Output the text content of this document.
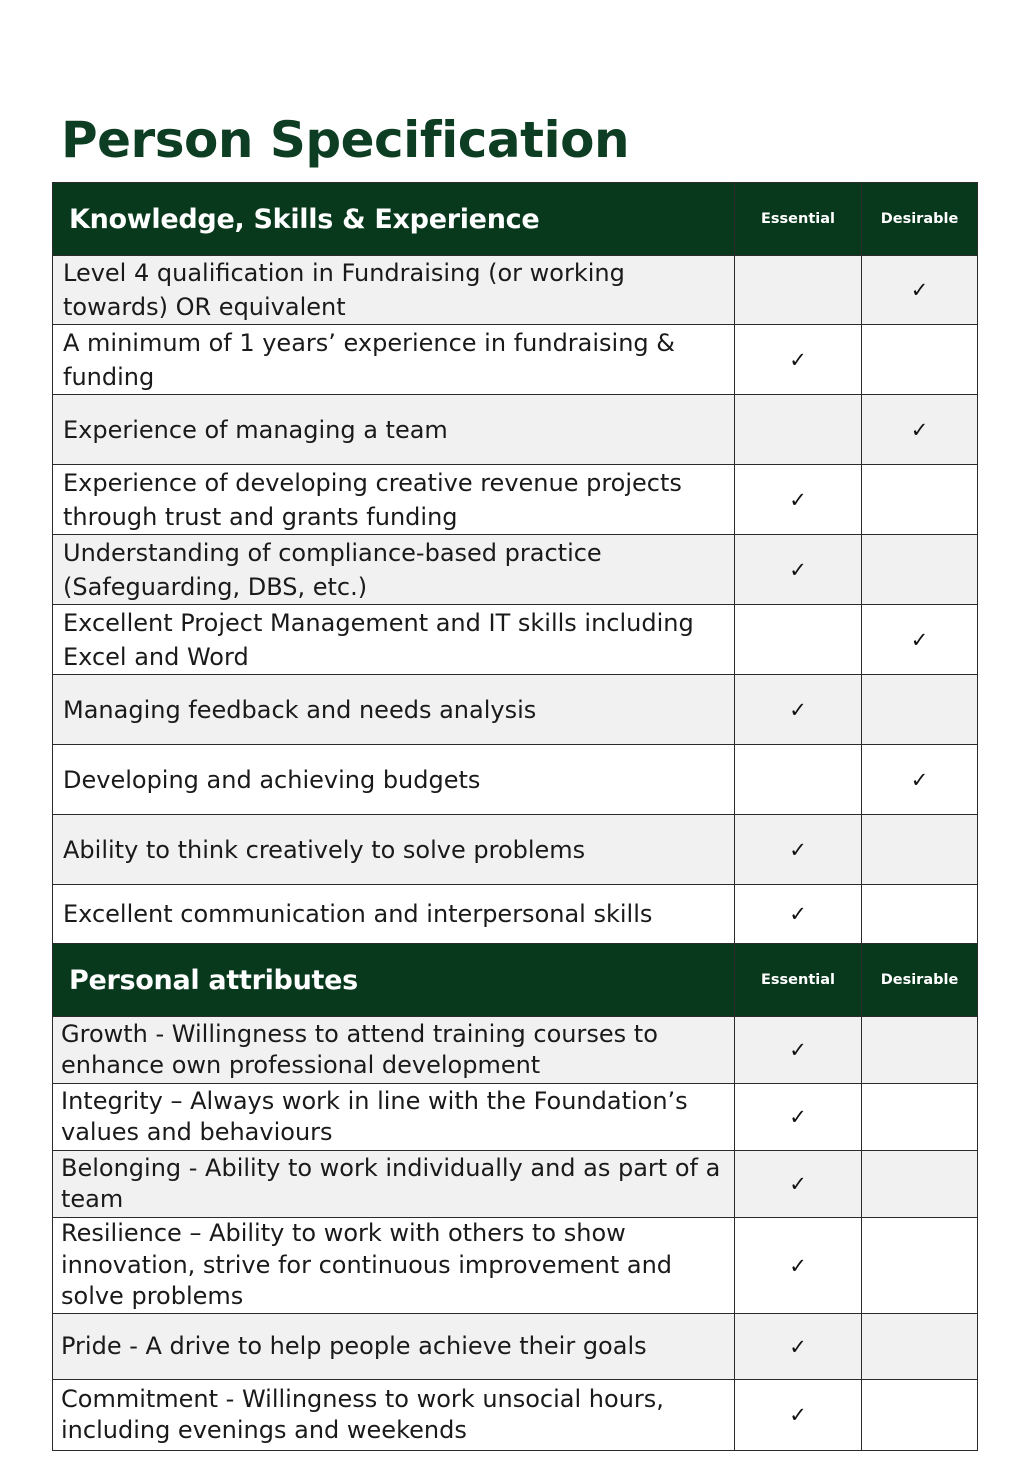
Person Specification
Knowledge, Skills & Experience	Essential	Desirable
Level 4 qualification in Fundraising (or working towards) OR equivalent		✓
A minimum of 1 years’ experience in fundraising & funding	✓	
Experience of managing a team		✓
Experience of developing creative revenue projects through trust and grants funding	✓	
Understanding of compliance-based practice (Safeguarding, DBS, etc.)	✓	
Excellent Project Management and IT skills including Excel and Word		✓
Managing feedback and needs analysis	✓	
Developing and achieving budgets		✓
Ability to think creatively to solve problems	✓	
Excellent communication and interpersonal skills	✓	
Personal attributes	Essential	Desirable
Growth - Willingness to attend training courses to enhance own professional development	✓	
Integrity – Always work in line with the Foundation’s values and behaviours	✓	
Belonging - Ability to work individually and as part of a team	✓	
Resilience – Ability to work with others to show innovation, strive for continuous improvement and solve problems	✓	
Pride - A drive to help people achieve their goals	✓	
Commitment - Willingness to work unsocial hours, including evenings and weekends	✓	
